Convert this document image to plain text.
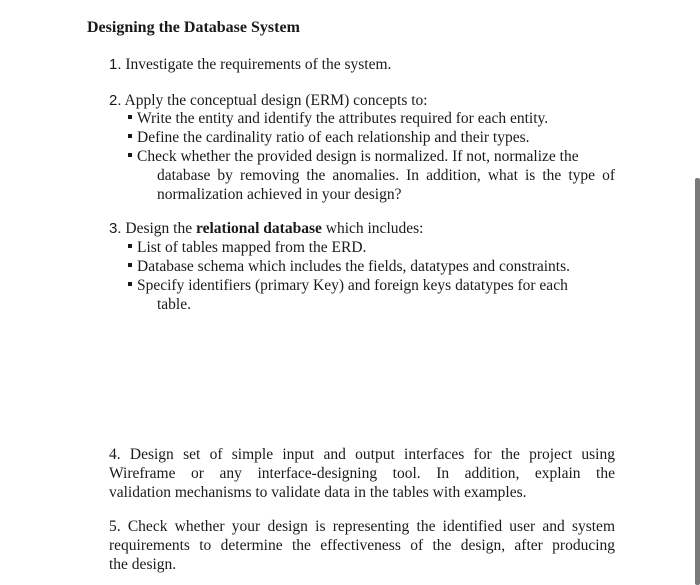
Designing the Database System
1. Investigate the requirements of the system.
2. Apply the conceptual design (ERM) concepts to:
Write the entity and identify the attributes required for each entity.
Define the cardinality ratio of each relationship and their types.
Check whether the provided design is normalized. If not, normalize the
database by removing the anomalies. In addition, what is the type of
normalization achieved in your design?
3. Design the relational database which includes:
List of tables mapped from the ERD.
Database schema which includes the fields, datatypes and constraints.
Specify identifiers (primary Key) and foreign keys datatypes for each
table.
4. Design set of simple input and output interfaces for the project using
Wireframe or any interface-designing tool. In addition, explain the
validation mechanisms to validate data in the tables with examples.
5. Check whether your design is representing the identified user and system
requirements to determine the effectiveness of the design, after producing
the design.
